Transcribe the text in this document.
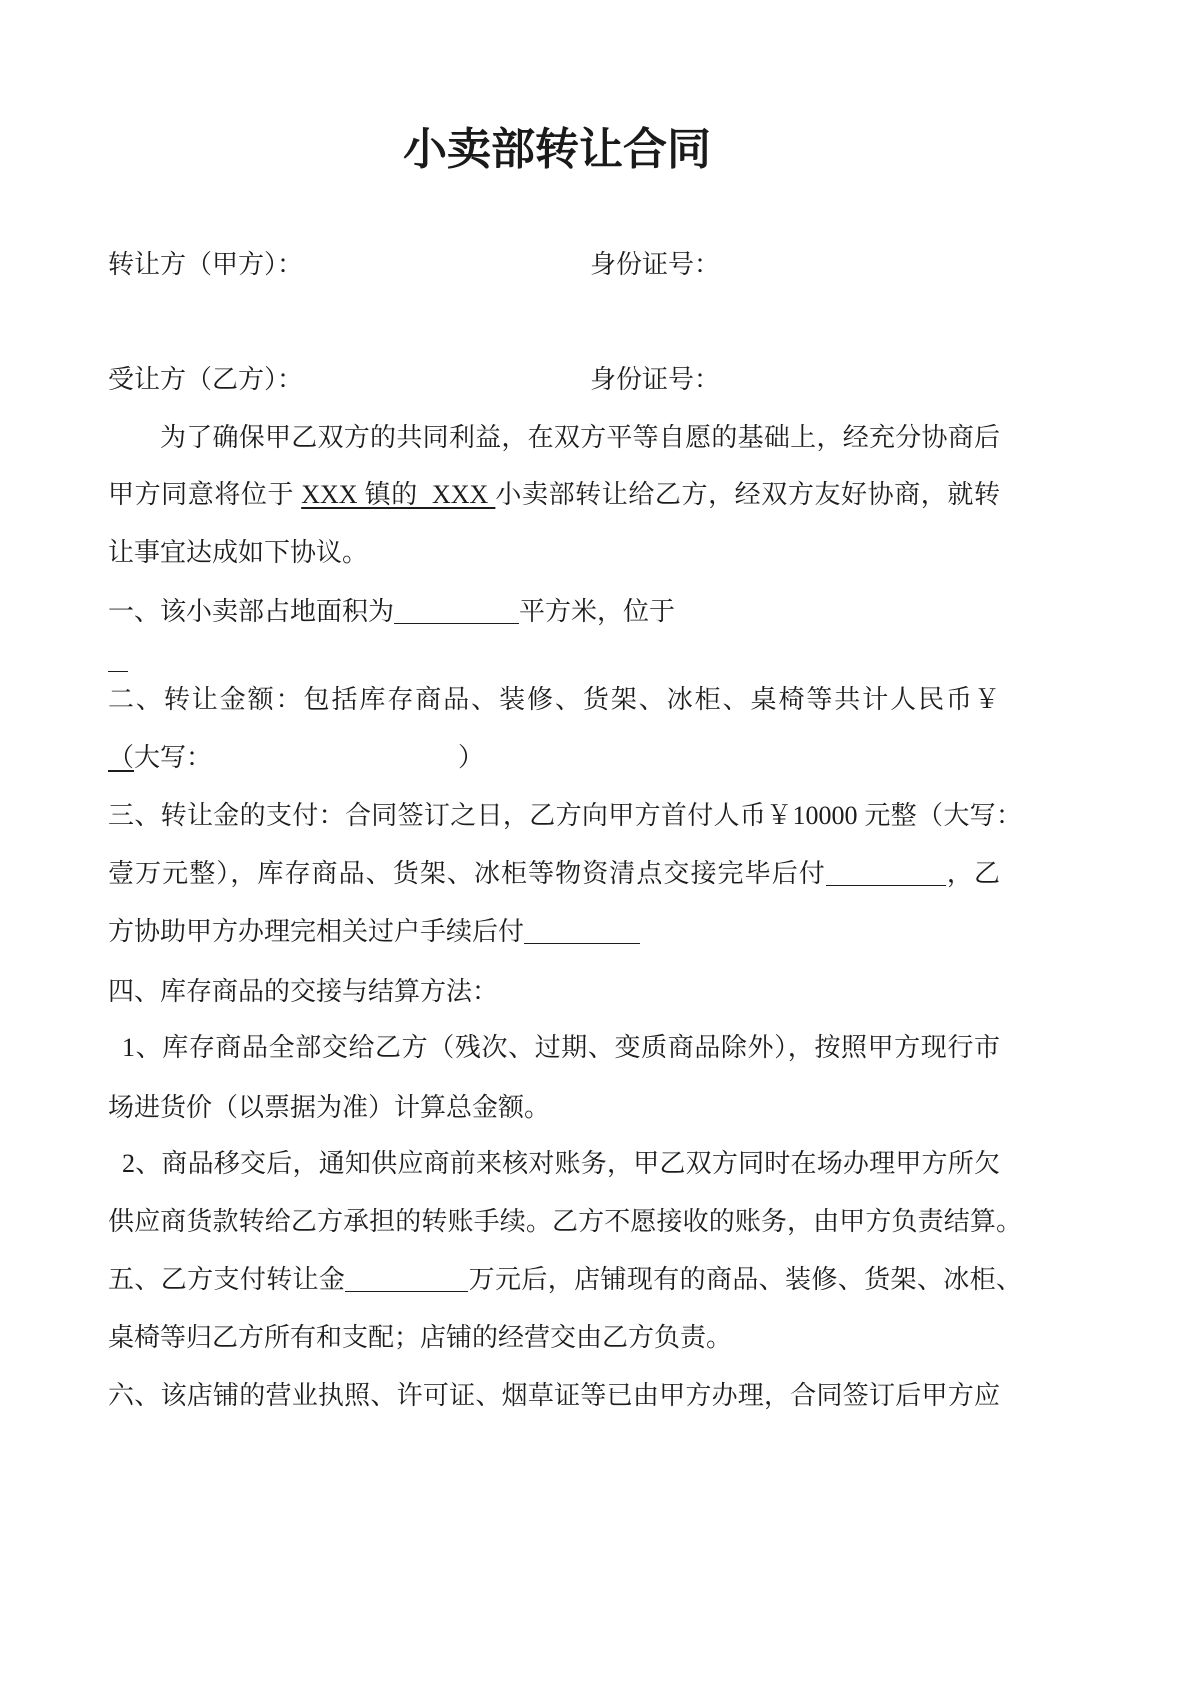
小卖部转让合同
转让方（甲方）：	身份证号：
受让方（乙方）：	身份证号：
为了确保甲乙双方的共同利益，在双方平等自愿的基础上，经充分协商后
甲方同意将位于 XXX 镇的  XXX 小卖部转让给乙方，经双方友好协商，就转
让事宜达成如下协议。
一、该小卖部占地面积为	平方米，位于
二、转让金额：包括库存商品、装修、货架、冰柜、桌椅等共计人民币￥
（大写：	）
三、转让金的支付：合同签订之日，乙方向甲方首付人币￥10000 元整（大写：
壹万元整），库存商品、货架、冰柜等物资清点交接完毕后付	，乙
方协助甲方办理完相关过户手续后付
四、库存商品的交接与结算方法：
1、库存商品全部交给乙方（残次、过期、变质商品除外），按照甲方现行市
场进货价（以票据为准）计算总金额。
2、商品移交后，通知供应商前来核对账务，甲乙双方同时在场办理甲方所欠
供应商货款转给乙方承担的转账手续。乙方不愿接收的账务，由甲方负责结算。
五、乙方支付转让金	万元后，店铺现有的商品、装修、货架、冰柜、
桌椅等归乙方所有和支配；店铺的经营交由乙方负责。
六、该店铺的营业执照、许可证、烟草证等已由甲方办理，合同签订后甲方应
